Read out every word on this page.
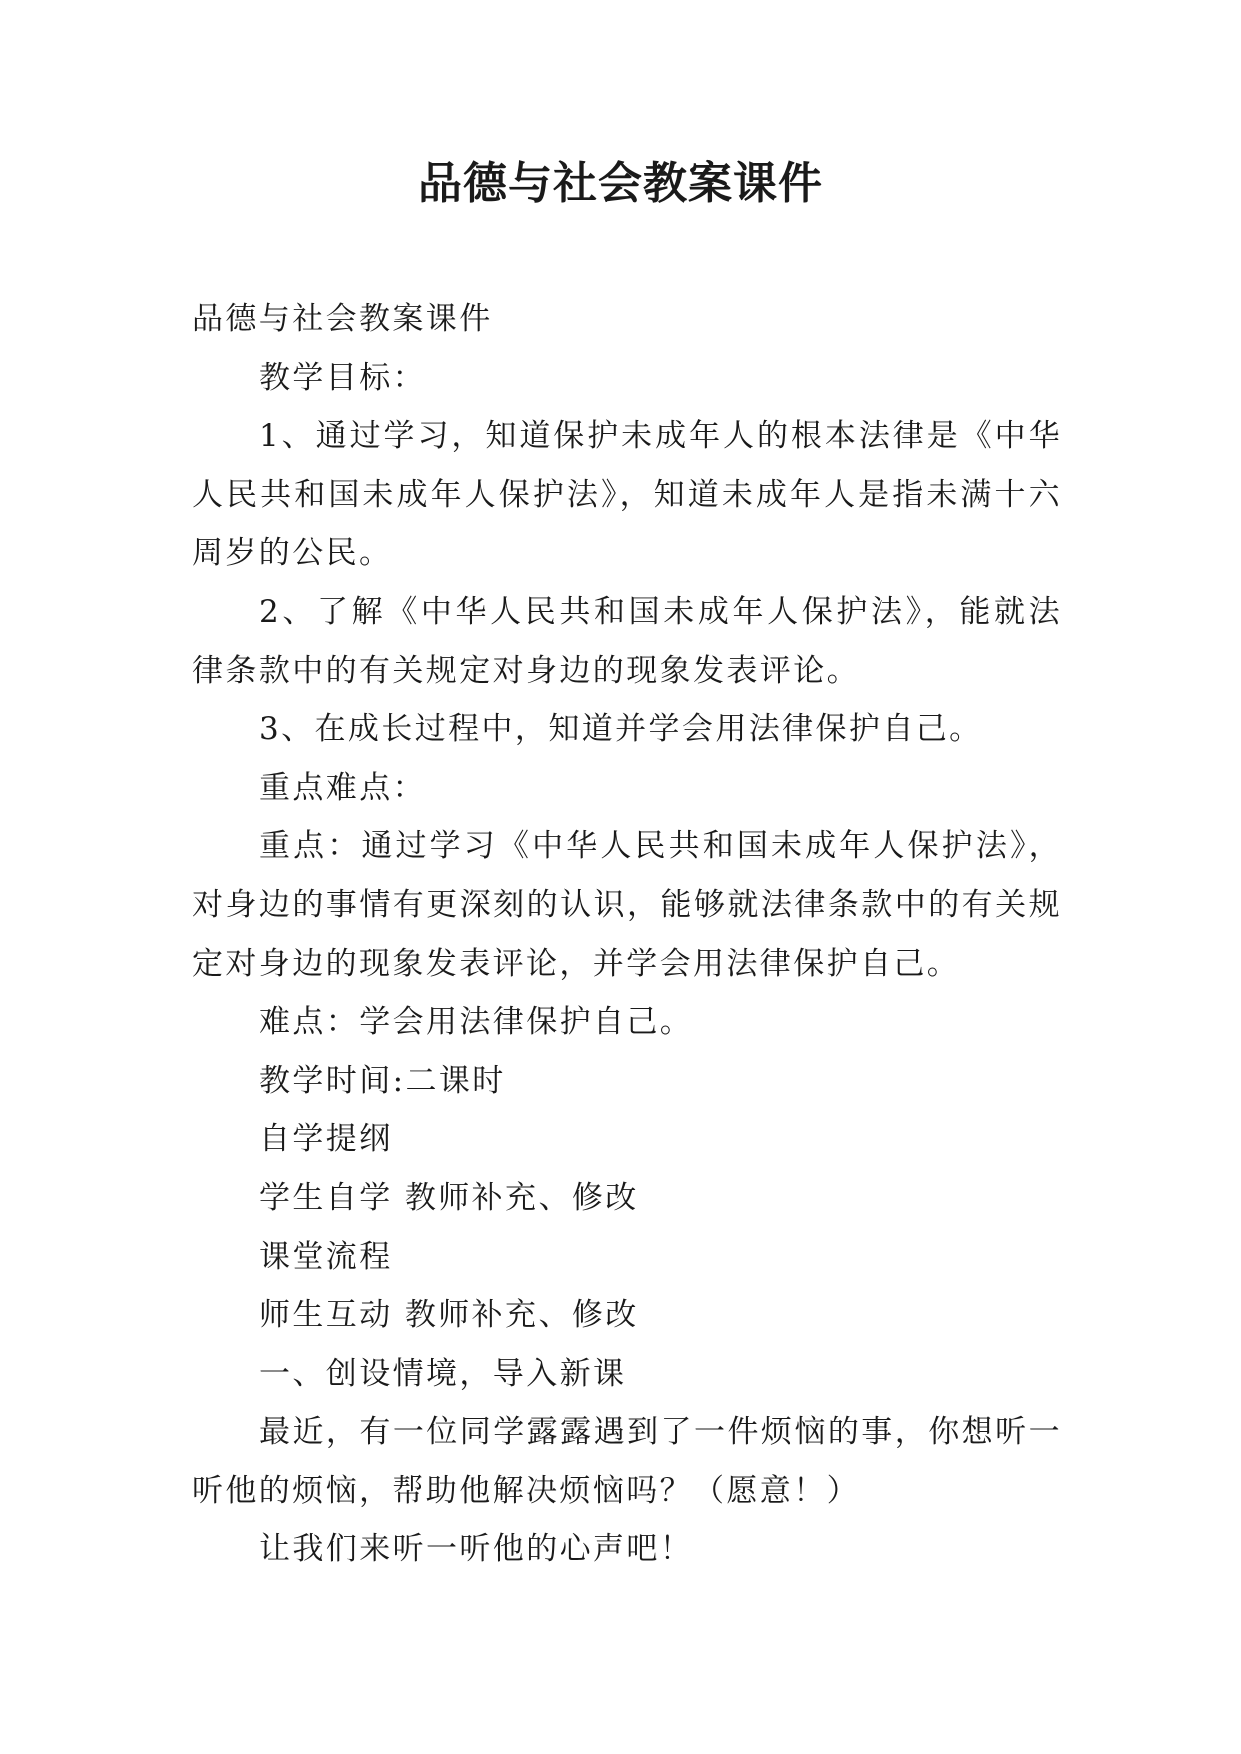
品德与社会教案课件

品德与社会教案课件

教学目标：

1、通过学习，知道保护未成年人的根本法律是《中华人民共和国未成年人保护法》，知道未成年人是指未满十六周岁的公民。

2、了解《中华人民共和国未成年人保护法》，能就法律条款中的有关规定对身边的现象发表评论。

3、在成长过程中，知道并学会用法律保护自己。

重点难点：

重点：通过学习《中华人民共和国未成年人保护法》，对身边的事情有更深刻的认识，能够就法律条款中的有关规定对身边的现象发表评论，并学会用法律保护自己。

难点：学会用法律保护自己。

教学时间:二课时

自学提纲

学生自学 教师补充、修改

课堂流程

师生互动 教师补充、修改

一、创设情境，导入新课

最近，有一位同学露露遇到了一件烦恼的事，你想听一听他的烦恼，帮助他解决烦恼吗？（愿意！）

让我们来听一听他的心声吧！
